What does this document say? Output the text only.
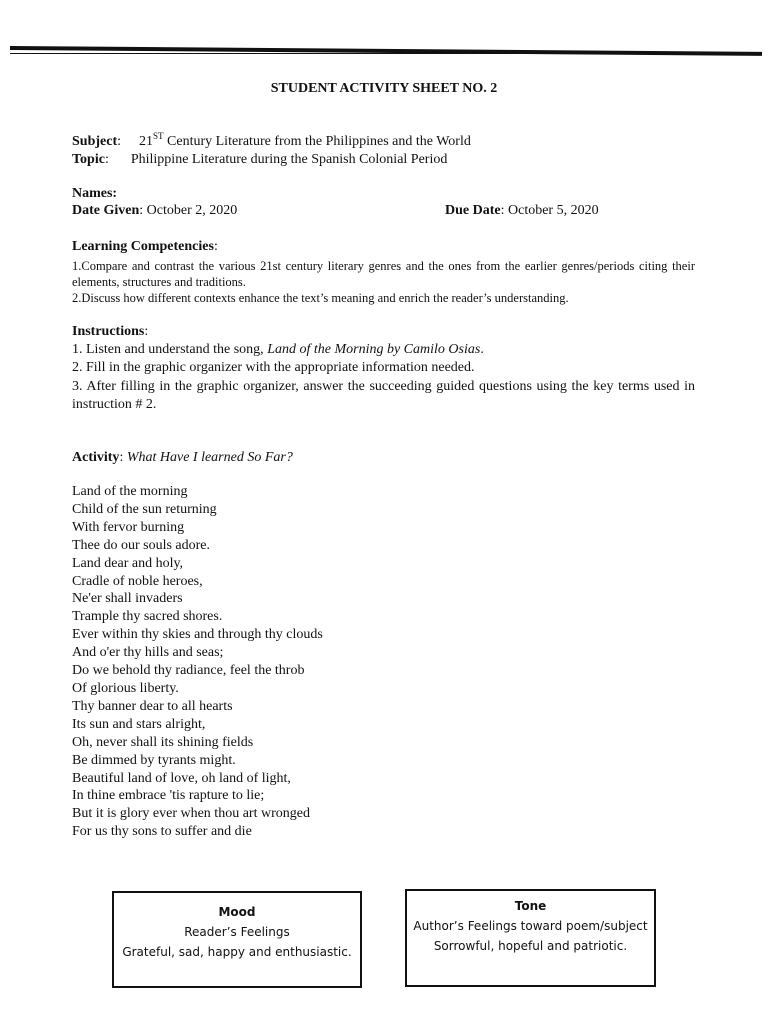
STUDENT ACTIVITY SHEET NO. 2
Subject: 21ST Century Literature from the Philippines and the World
Topic: Philippine Literature during the Spanish Colonial Period
Names:
Date Given: October 2, 2020	Due Date: October 5, 2020
Learning Competencies:
1.Compare and contrast the various 21st century literary genres and the ones from the earlier genres/periods citing their elements, structures and traditions.
2.Discuss how different contexts enhance the text’s meaning and enrich the reader’s understanding.
Instructions:
1. Listen and understand the song, Land of the Morning by Camilo Osias.
2. Fill in the graphic organizer with the appropriate information needed.
3. After filling in the graphic organizer, answer the succeeding guided questions using the key terms used in instruction # 2.
Activity: What Have I learned So Far?
Land of the morning
Child of the sun returning
With fervor burning
Thee do our souls adore.
Land dear and holy,
Cradle of noble heroes,
Ne'er shall invaders
Trample thy sacred shores.
Ever within thy skies and through thy clouds
And o'er thy hills and seas;
Do we behold thy radiance, feel the throb
Of glorious liberty.
Thy banner dear to all hearts
Its sun and stars alright,
Oh, never shall its shining fields
Be dimmed by tyrants might.
Beautiful land of love, oh land of light,
In thine embrace 'tis rapture to lie;
But it is glory ever when thou art wronged
For us thy sons to suffer and die
Mood
Reader’s Feelings
Grateful, sad, happy and enthusiastic.
Tone
Author’s Feelings toward poem/subject
Sorrowful, hopeful and patriotic.
